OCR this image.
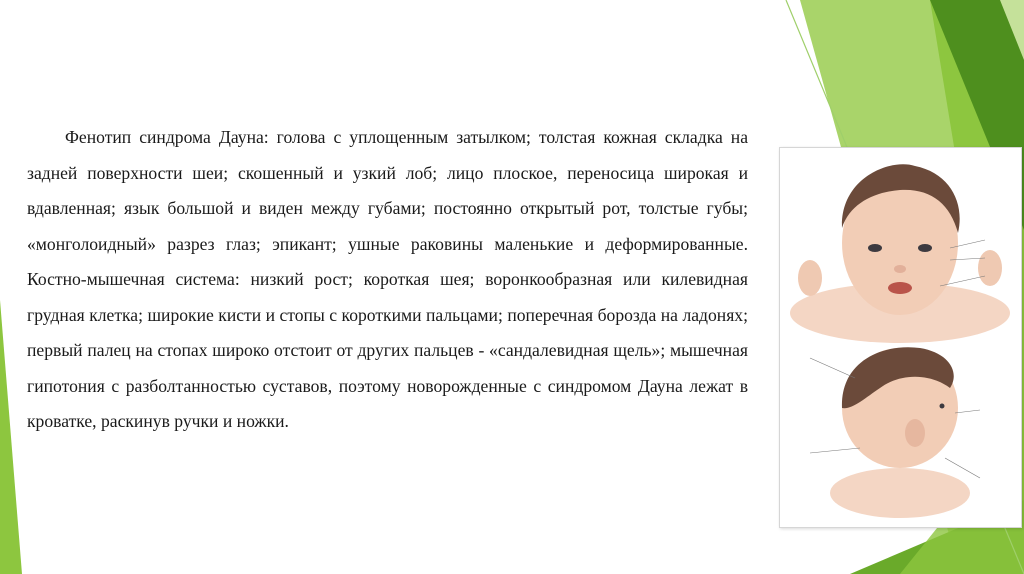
Фенотип синдрома Дауна: голова с уплощенным затылком; толстая кожная складка на задней поверхности шеи; скошенный и узкий лоб; лицо плоское, переносица широкая и вдавленная; язык большой и виден между губами; постоянно открытый рот, толстые губы; «монголоидный» разрез глаз; эпикант; ушные раковины маленькие и деформированные. Костно-мышечная система: низкий рост; короткая шея; воронкообразная или килевидная грудная клетка; широкие кисти и стопы с короткими пальцами; поперечная борозда на ладонях; первый палец на стопах широко отстоит от других пальцев - «сандалевидная щель»; мышечная гипотония с разболтанностью суставов, поэтому новорожденные с синдромом Дауна лежат в кроватке, раскинув ручки и ножки.
